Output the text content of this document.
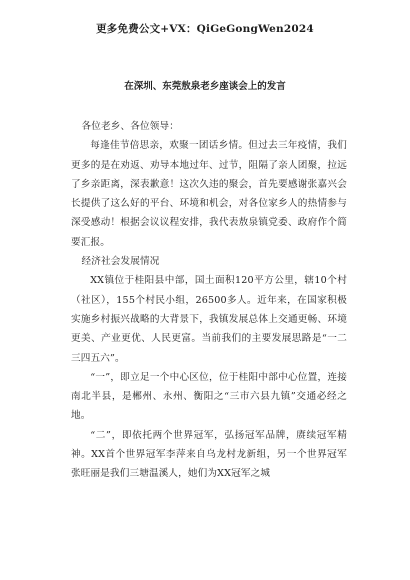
更多免费公文+VX：QiGeGongWen2024
在深圳、东莞敖泉老乡座谈会上的发言

各位老乡、各位领导：

每逢佳节倍思亲，欢聚一团话乡情。但过去三年疫情，我们更多的是在劝返、劝导本地过年、过节，阻隔了亲人团聚，拉远了乡亲距离，深表歉意！这次久违的聚会，首先要感谢张嘉兴会长提供了这么好的平台、环境和机会，对各位家乡人的热情参与深受感动！根据会议议程安排，我代表敖泉镇党委、政府作个简要汇报。

经济社会发展情况

XX镇位于桂阳县中部，国土面积120平方公里，辖10个村（社区），155个村民小组，26500多人。近年来，在国家积极实施乡村振兴战略的大背景下，我镇发展总体上交通更畅、环境更美、产业更优、人民更富。当前我们的主要发展思路是“一二三四五六”。

“一”，即立足一个中心区位，位于桂阳中部中心位置，连接南北半县，是郴州、永州、衡阳之“三市六县九镇”交通必经之地。

“二”，即依托两个世界冠军，弘扬冠军品牌，赓续冠军精神。XX首个世界冠军李萍来自乌龙村龙新组，另一个世界冠军张旺丽是我们三塘温溪人，她们为XX冠军之城
